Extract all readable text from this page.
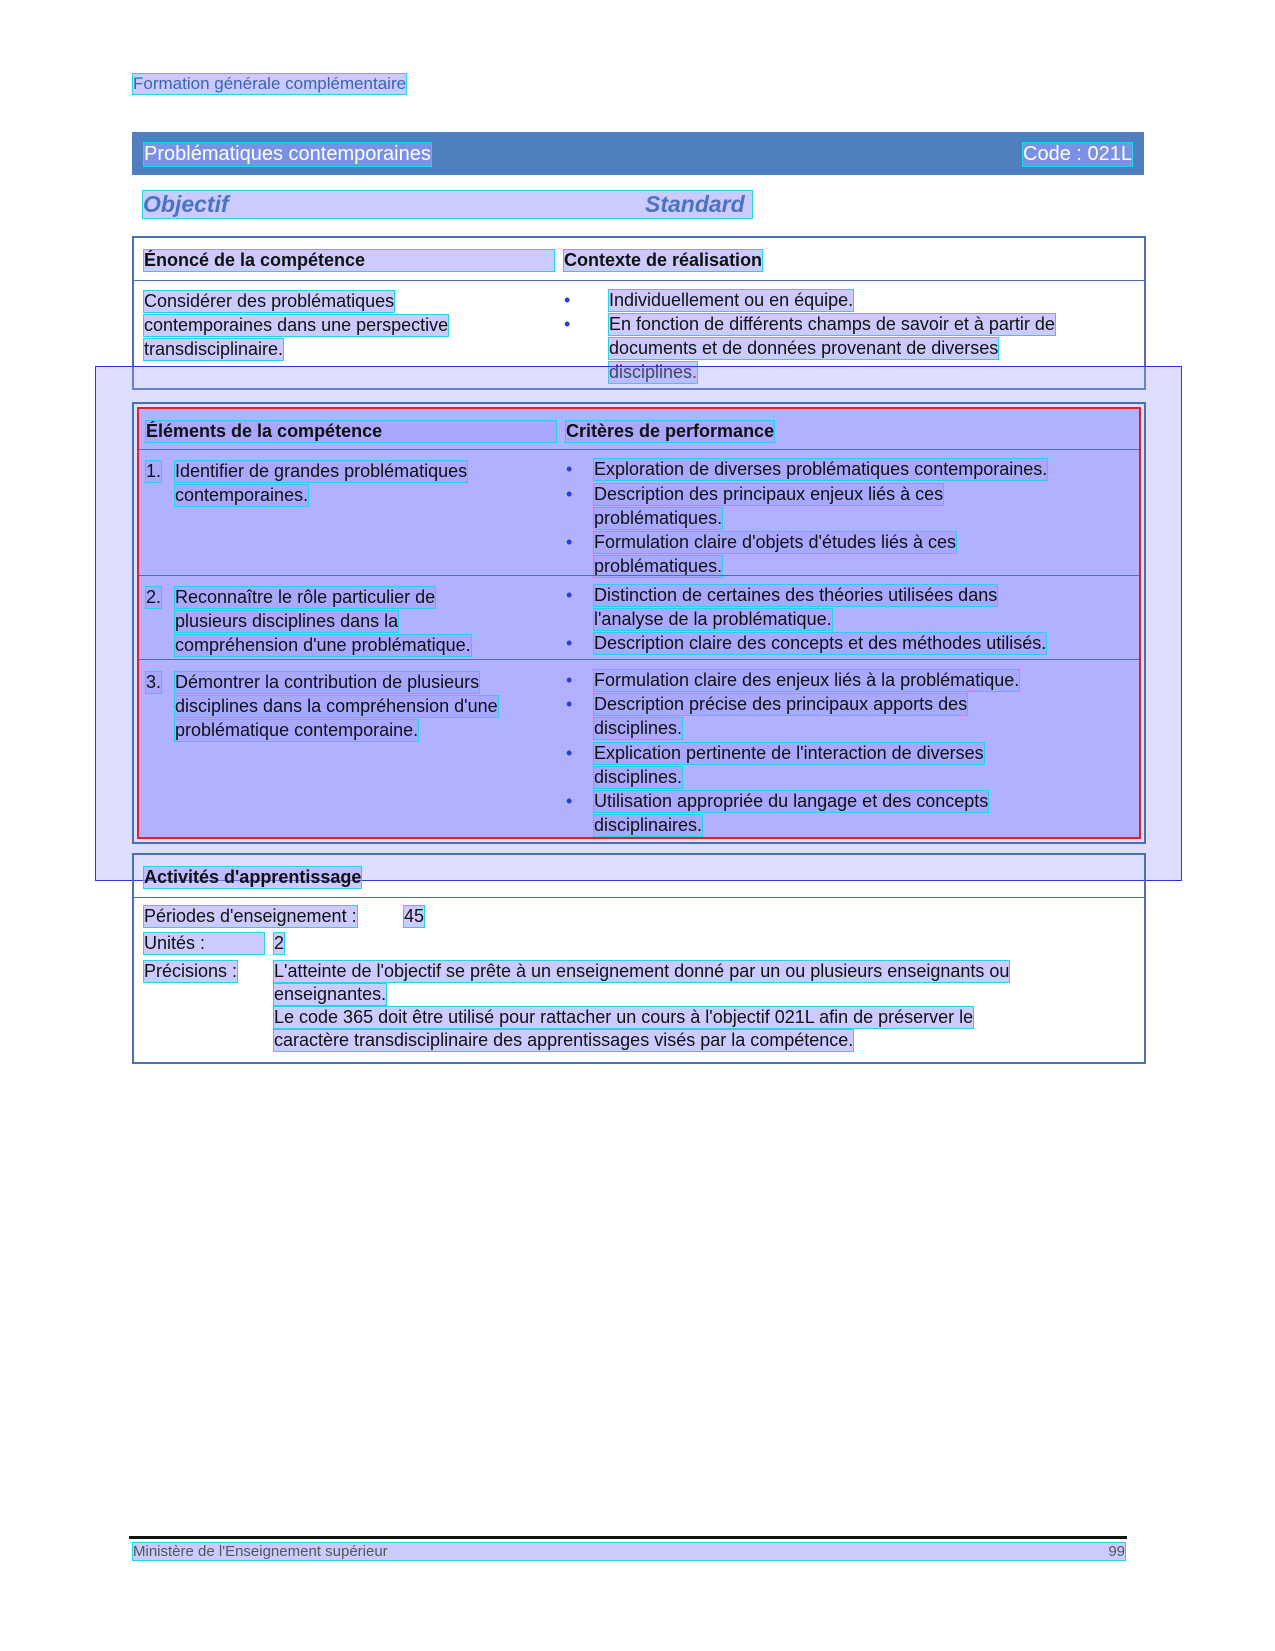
Formation générale complémentaire
Problématiques contemporaines	Code : 021L
Objectif	Standard
Énoncé de la compétence	Contexte de réalisation
Considérer des problématiques
contemporaines dans une perspective
transdisciplinaire.
• Individuellement ou en équipe.
• En fonction de différents champs de savoir et à partir de
documents et de données provenant de diverses
disciplines.
Éléments de la compétence	Critères de performance
1. Identifier de grandes problématiques
contemporaines.
• Exploration de diverses problématiques contemporaines.
• Description des principaux enjeux liés à ces
problématiques.
• Formulation claire d'objets d'études liés à ces
problématiques.
2. Reconnaître le rôle particulier de
plusieurs disciplines dans la
compréhension d'une problématique.
• Distinction de certaines des théories utilisées dans
l'analyse de la problématique.
• Description claire des concepts et des méthodes utilisés.
3. Démontrer la contribution de plusieurs
disciplines dans la compréhension d'une
problématique contemporaine.
• Formulation claire des enjeux liés à la problématique.
• Description précise des principaux apports des
disciplines.
• Explication pertinente de l'interaction de diverses
disciplines.
• Utilisation appropriée du langage et des concepts
disciplinaires.
Activités d'apprentissage
Périodes d'enseignement :	45
Unités :	2
Précisions : L'atteinte de l'objectif se prête à un enseignement donné par un ou plusieurs enseignants ou
enseignantes.
Le code 365 doit être utilisé pour rattacher un cours à l'objectif 021L afin de préserver le
caractère transdisciplinaire des apprentissages visés par la compétence.
Ministère de l'Enseignement supérieur	99
